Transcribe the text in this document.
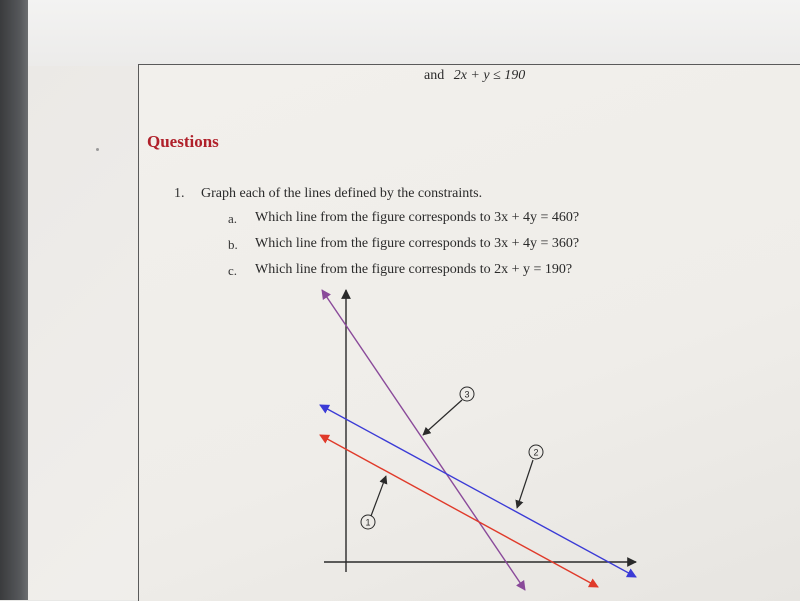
and 2x + y ≤ 190
Questions
1. Graph each of the lines defined by the constraints.
a. Which line from the figure corresponds to 3x + 4y = 460?
b. Which line from the figure corresponds to 3x + 4y = 360?
c. Which line from the figure corresponds to 2x + y = 190?
1
2
3
